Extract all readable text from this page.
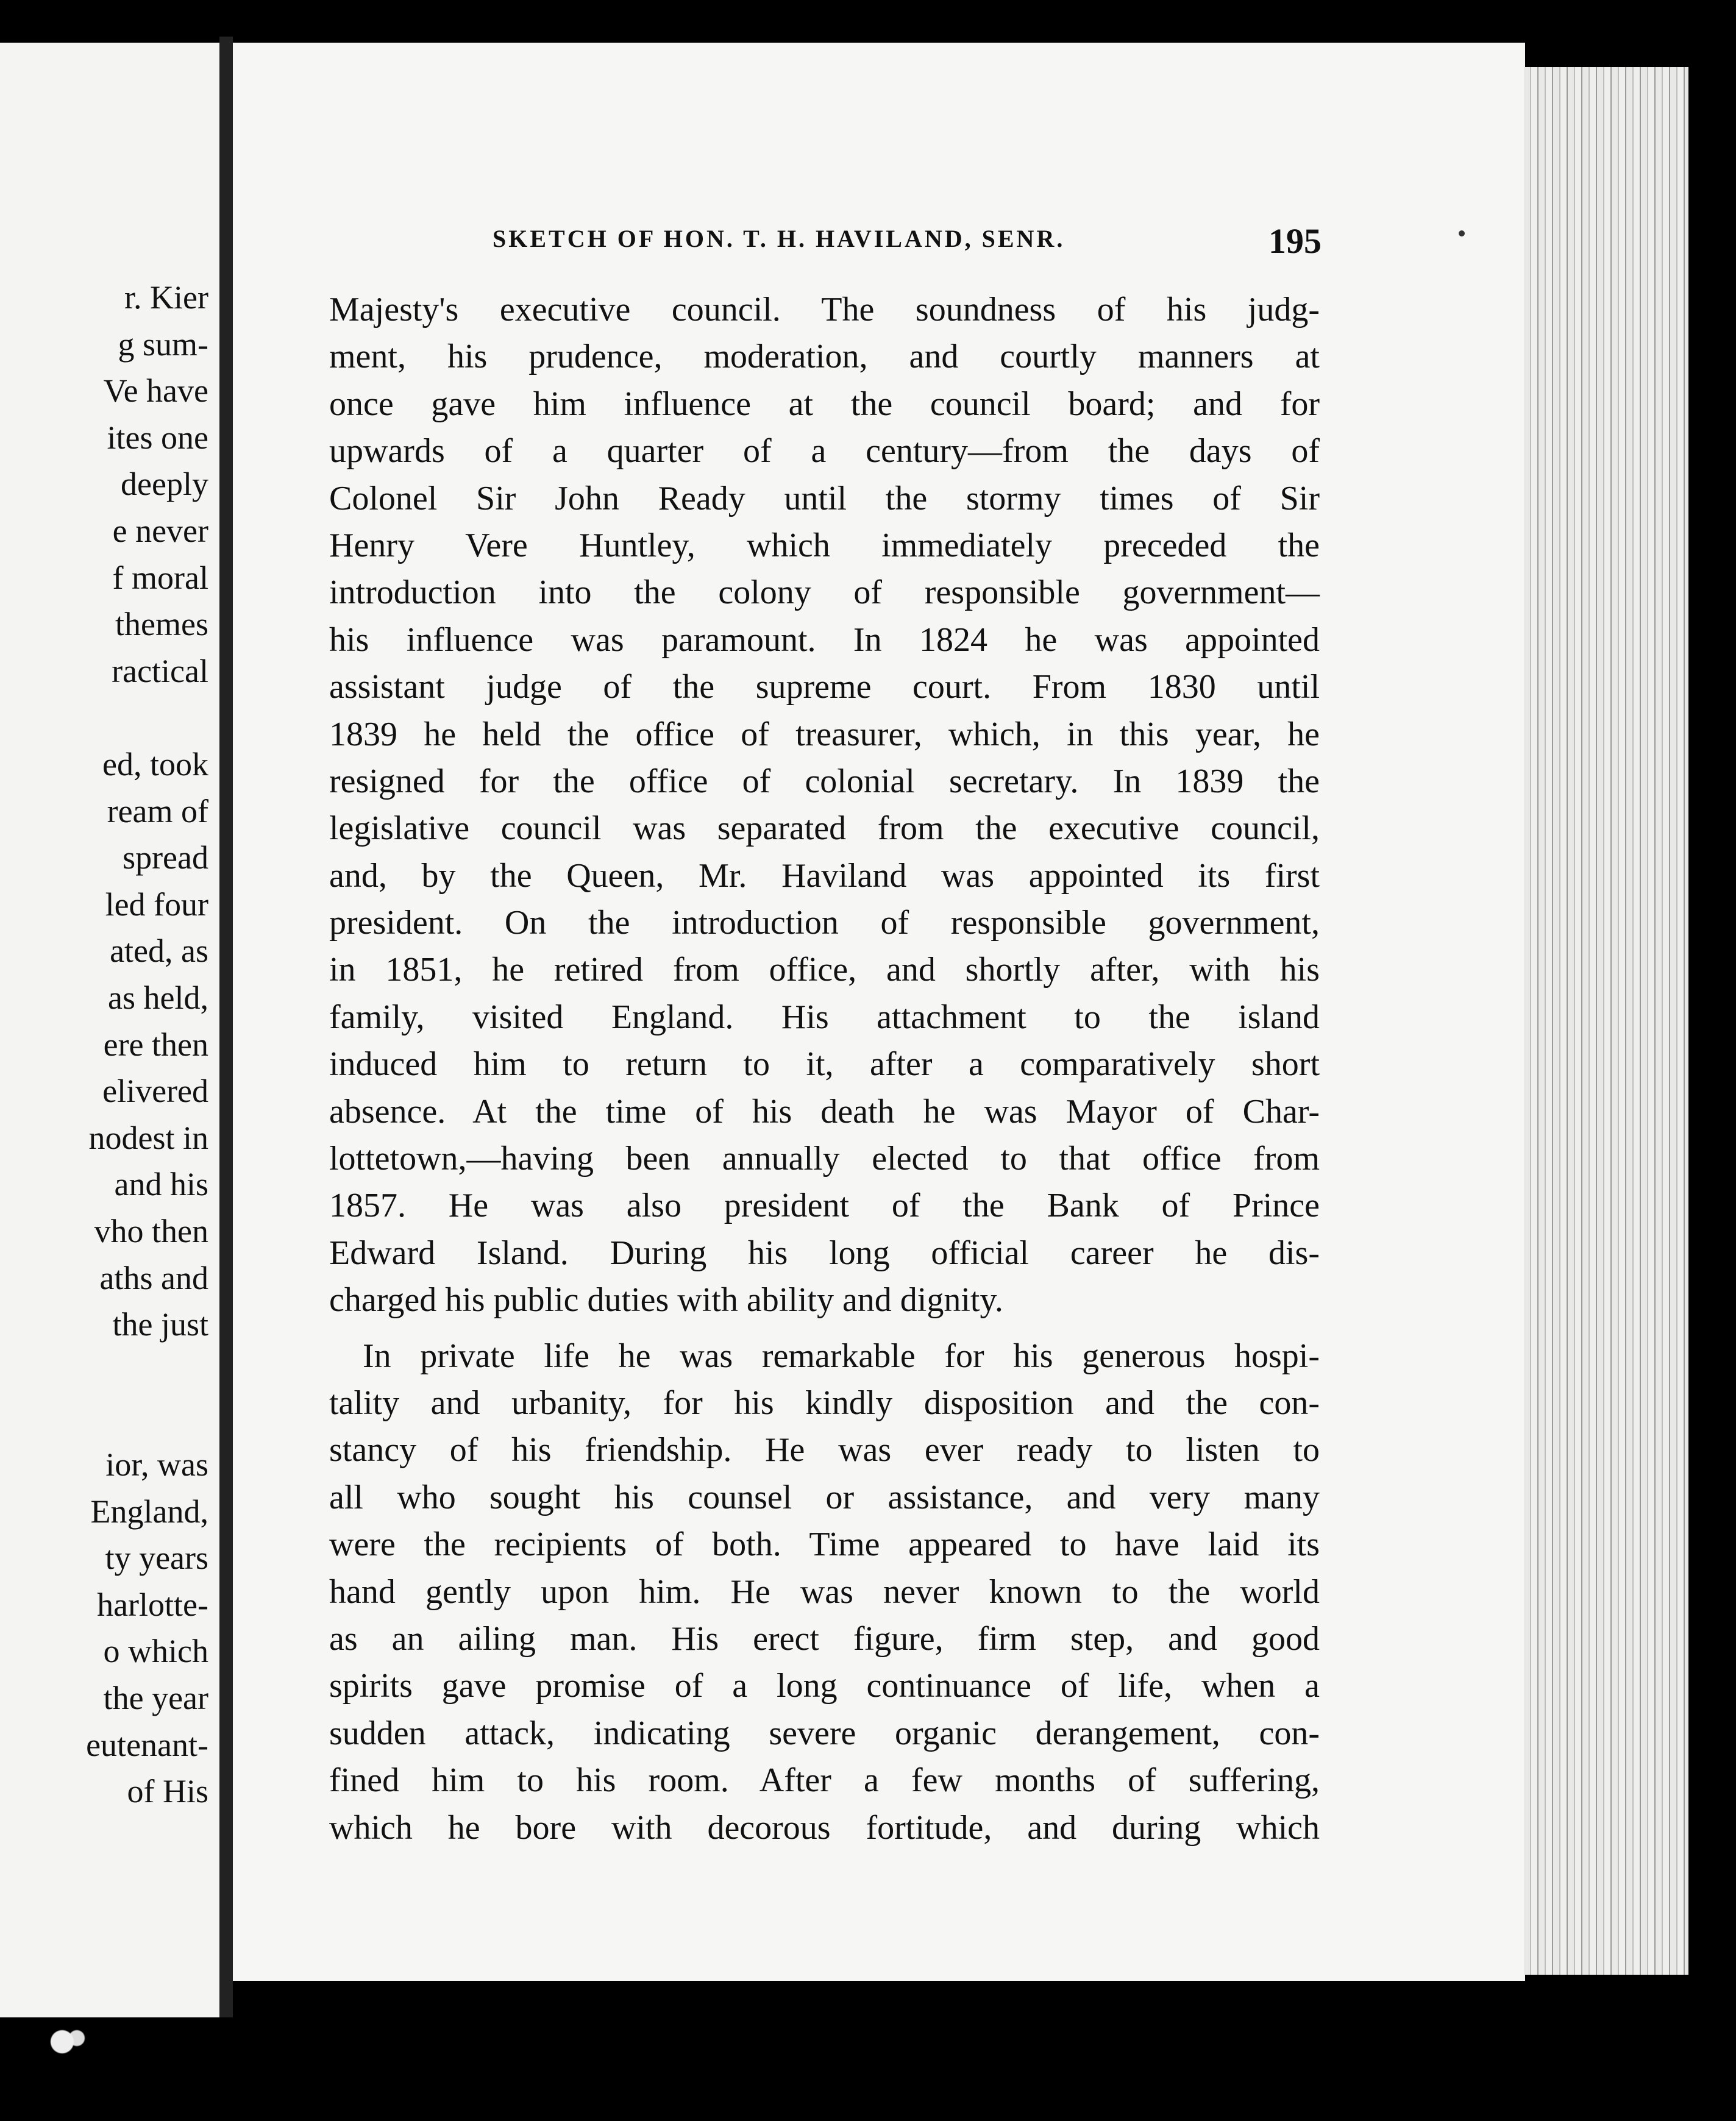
r. Kier
g sum-
Ve have
ites one
deeply
e never
f moral
themes
ractical
ed, took
ream of
spread
led four
ated, as
as held,
ere then
elivered
nodest in
and his
vho then
aths and
the just
ior, was
England,
ty years
harlotte-
o which
the year
eutenant-
of His
SKETCH OF HON. T. H. HAVILAND, SENR.	195
Majesty's executive council. The soundness of his judg-
ment, his prudence, moderation, and courtly manners at
once gave him influence at the council board; and for
upwards of a quarter of a century—from the days of
Colonel Sir John Ready until the stormy times of Sir
Henry Vere Huntley, which immediately preceded the
introduction into the colony of responsible government—
his influence was paramount. In 1824 he was appointed
assistant judge of the supreme court. From 1830 until
1839 he held the office of treasurer, which, in this year, he
resigned for the office of colonial secretary. In 1839 the
legislative council was separated from the executive council,
and, by the Queen, Mr. Haviland was appointed its first
president. On the introduction of responsible government,
in 1851, he retired from office, and shortly after, with his
family, visited England. His attachment to the island
induced him to return to it, after a comparatively short
absence. At the time of his death he was Mayor of Char-
lottetown,—having been annually elected to that office from
1857. He was also president of the Bank of Prince
Edward Island. During his long official career he dis-
charged his public duties with ability and dignity.
In private life he was remarkable for his generous hospi-
tality and urbanity, for his kindly disposition and the con-
stancy of his friendship. He was ever ready to listen to
all who sought his counsel or assistance, and very many
were the recipients of both. Time appeared to have laid its
hand gently upon him. He was never known to the world
as an ailing man. His erect figure, firm step, and good
spirits gave promise of a long continuance of life, when a
sudden attack, indicating severe organic derangement, con-
fined him to his room. After a few months of suffering,
which he bore with decorous fortitude, and during which
